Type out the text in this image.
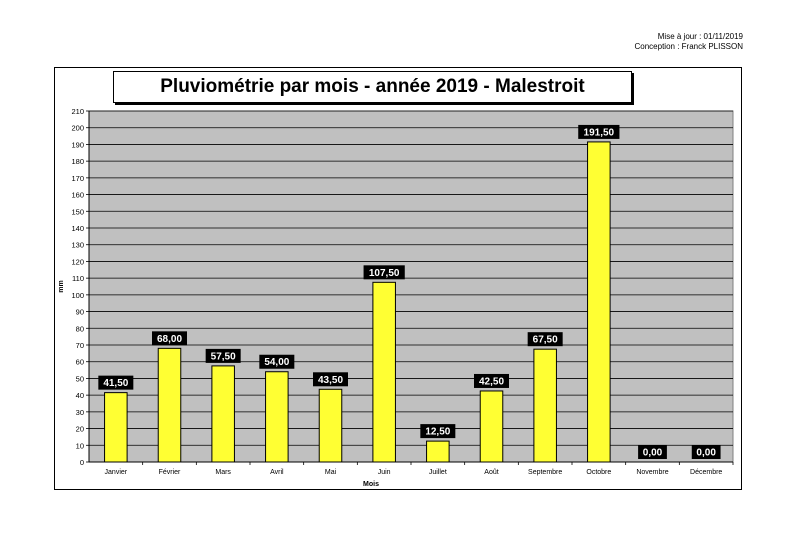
Mise à jour : 01/11/2019
Conception : Franck PLISSON
Pluviométrie par mois - année 2019 - Malestroit
0
10
20
30
40
50
60
70
80
90
100
110
120
130
140
150
160
170
180
190
200
210
Janvier
41,50
Février
68,00
Mars
57,50
Avril
54,00
Mai
43,50
Juin
107,50
Juillet
12,50
Août
42,50
Septembre
67,50
Octobre
191,50
Novembre
0,00
Décembre
0,00
Mois
mm
